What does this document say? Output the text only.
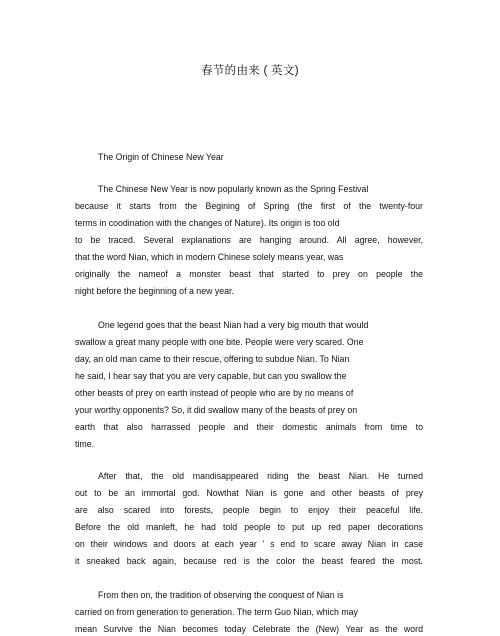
春节的由来 ( 英文)
The Origin of Chinese New Year
The Chinese New Year is now popularly known as the Spring Festival
because it starts from the Begining of Spring (the first of the twenty-four
terms in coodination with the changes of Nature). Its origin is too old
to be traced. Several explanations are hanging around. All agree, however,
that the word Nian, which in modern Chinese solely means year, was
originally the nameof a monster beast that started to prey on people the
night before the beginning of a new year.
One legend goes that the beast Nian had a very big mouth that would
swallow a great many people with one bite. People were very scared. One
day, an old man came to their rescue, offering to subdue Nian. To Nian
he said, I hear say that you are very capable, but can you swallow the
other beasts of prey on earth instead of people who are by no means of
your worthy opponents? So, it did swallow many of the beasts of prey on
earth that also harrassed people and their domestic animals from time to
time.
After that, the old mandisappeared riding the beast Nian. He turned
out to be an immortal god. Nowthat Nian is gone and other beasts of prey
are also scared into forests, people begin to enjoy their peaceful life.
Before the old manleft, he had told people to put up red paper decorations
on their windows and doors at each year ’ s end to scare away Nian in case
it sneaked back again, because red is the color the beast feared the most.
From then on, the tradition of observing the conquest of Nian is
carried on from generation to generation. The term Guo Nian, which may
mean Survive the Nian becomes today Celebrate the (New) Year as the word
